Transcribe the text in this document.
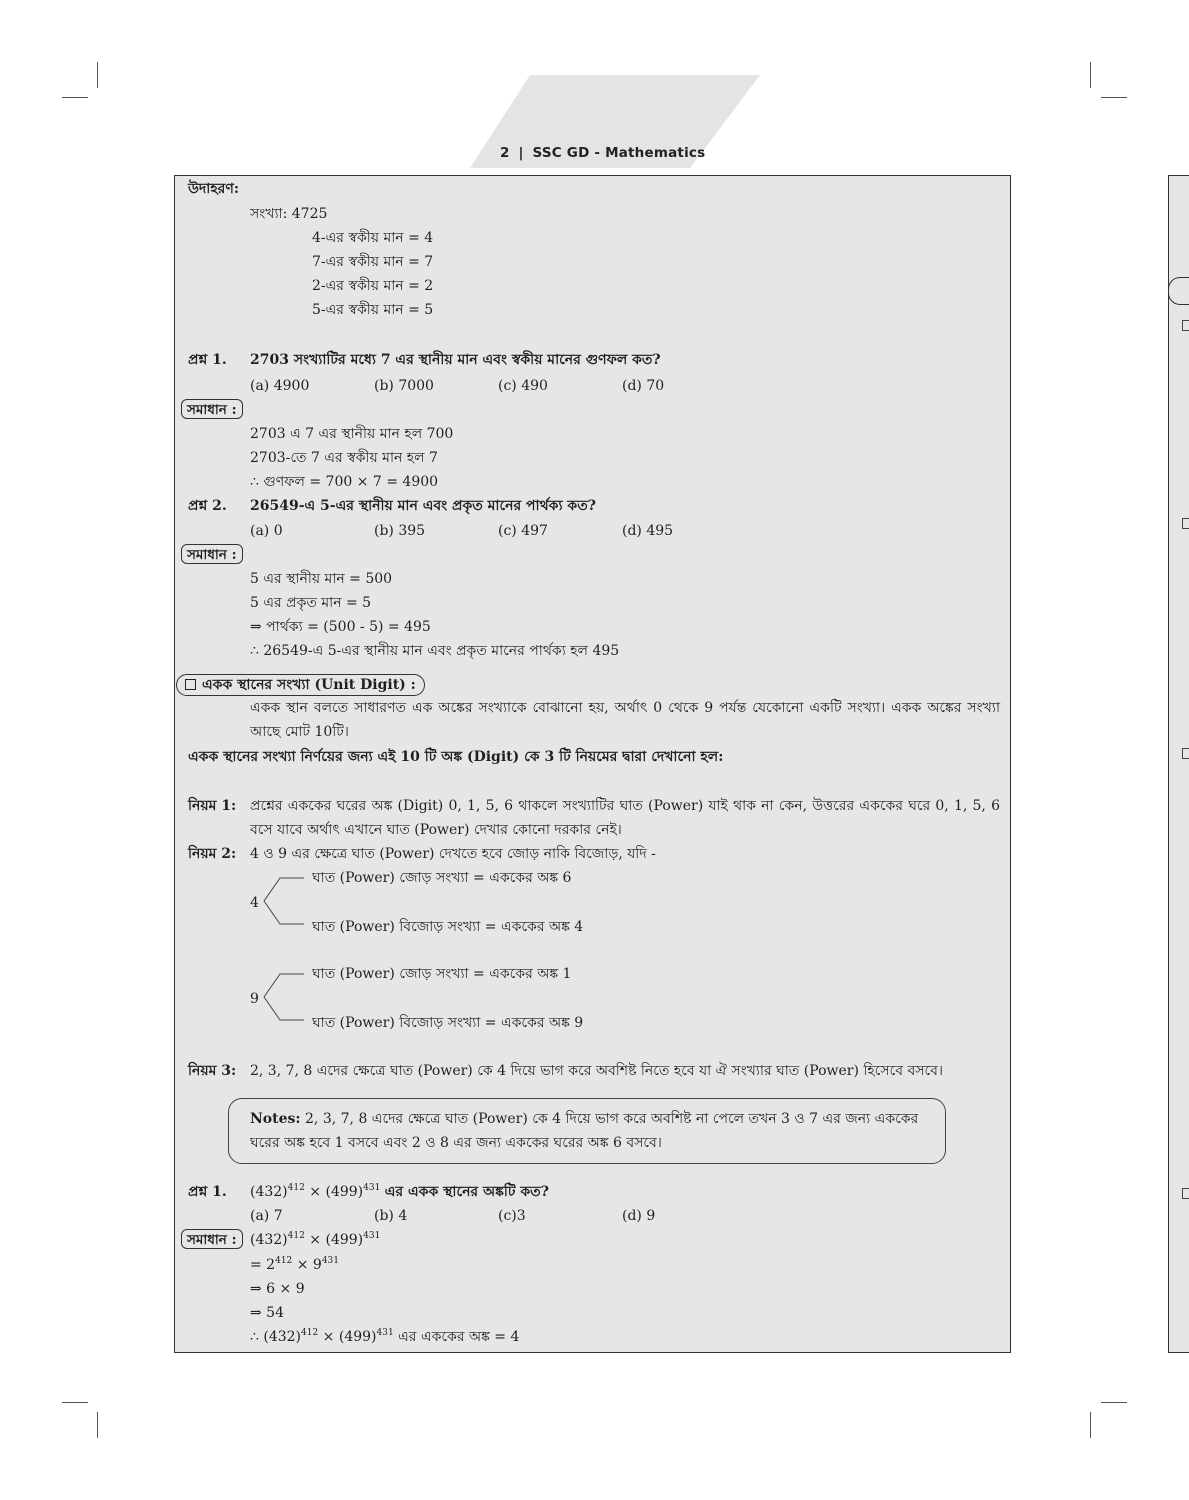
2 | SSC GD - Mathematics
উদাহরণ:
সংখ্যা: 4725
4-এর স্বকীয় মান = 4
7-এর স্বকীয় মান = 7
2-এর স্বকীয় মান = 2
5-এর স্বকীয় মান = 5
প্রশ্ন 1. 2703 সংখ্যাটির মধ্যে 7 এর স্থানীয় মান এবং স্বকীয় মানের গুণফল কত?
(a) 4900	(b) 7000	(c) 490	(d) 70
সমাধান :
2703 এ 7 এর স্থানীয় মান হল 700
2703-তে 7 এর স্বকীয় মান হল 7
∴ গুণফল = 700 × 7 = 4900
প্রশ্ন 2. 26549-এ 5-এর স্থানীয় মান এবং প্রকৃত মানের পার্থক্য কত?
(a) 0	(b) 395	(c) 497	(d) 495
সমাধান :
5 এর স্থানীয় মান = 500
5 এর প্রকৃত মান = 5
⇒ পার্থক্য = (500 - 5) = 495
∴ 26549-এ 5-এর স্থানীয় মান এবং প্রকৃত মানের পার্থক্য হল 495
একক স্থানের সংখ্যা (Unit Digit) :
একক স্থান বলতে সাধারণত এক অঙ্কের সংখ্যাকে বোঝানো হয়, অর্থাৎ 0 থেকে 9 পর্যন্ত যেকোনো একটি সংখ্যা। একক অঙ্কের সংখ্যা আছে মোট 10টি।
একক স্থানের সংখ্যা নির্ণয়ের জন্য এই 10 টি অঙ্ক (Digit) কে 3 টি নিয়মের দ্বারা দেখানো হল:
নিয়ম 1: প্রশ্নের এককের ঘরের অঙ্ক (Digit) 0, 1, 5, 6 থাকলে সংখ্যাটির ঘাত (Power) যাই থাক না কেন, উত্তরের এককের ঘরে 0, 1, 5, 6 বসে যাবে অর্থাৎ এখানে ঘাত (Power) দেখার কোনো দরকার নেই।
নিয়ম 2: 4 ও 9 এর ক্ষেত্রে ঘাত (Power) দেখতে হবে জোড় নাকি বিজোড়, যদি -
4
ঘাত (Power) জোড় সংখ্যা = এককের অঙ্ক 6
ঘাত (Power) বিজোড় সংখ্যা = এককের অঙ্ক 4
9
ঘাত (Power) জোড় সংখ্যা = এককের অঙ্ক 1
ঘাত (Power) বিজোড় সংখ্যা = এককের অঙ্ক 9
নিয়ম 3: 2, 3, 7, 8 এদের ক্ষেত্রে ঘাত (Power) কে 4 দিয়ে ভাগ করে অবশিষ্ট নিতে হবে যা ঐ সংখ্যার ঘাত (Power) হিসেবে বসবে।
Notes: 2, 3, 7, 8 এদের ক্ষেত্রে ঘাত (Power) কে 4 দিয়ে ভাগ করে অবশিষ্ট না পেলে তখন 3 ও 7 এর জন্য এককের ঘরের অঙ্ক হবে 1 বসবে এবং 2 ও 8 এর জন্য এককের ঘরের অঙ্ক 6 বসবে।
প্রশ্ন 1. $(432)^{412} \times (499)^{431}$ এর একক স্থানের অঙ্কটি কত?
(a) 7	(b) 4	(c)3	(d) 9
সমাধান : $(432)^{412} \times (499)^{431}$
= $2^{412} \times 9^{431}$
⇒ 6 × 9
⇒ 54
∴ $(432)^{412} \times (499)^{431}$ এর এককের অঙ্ক = 4
